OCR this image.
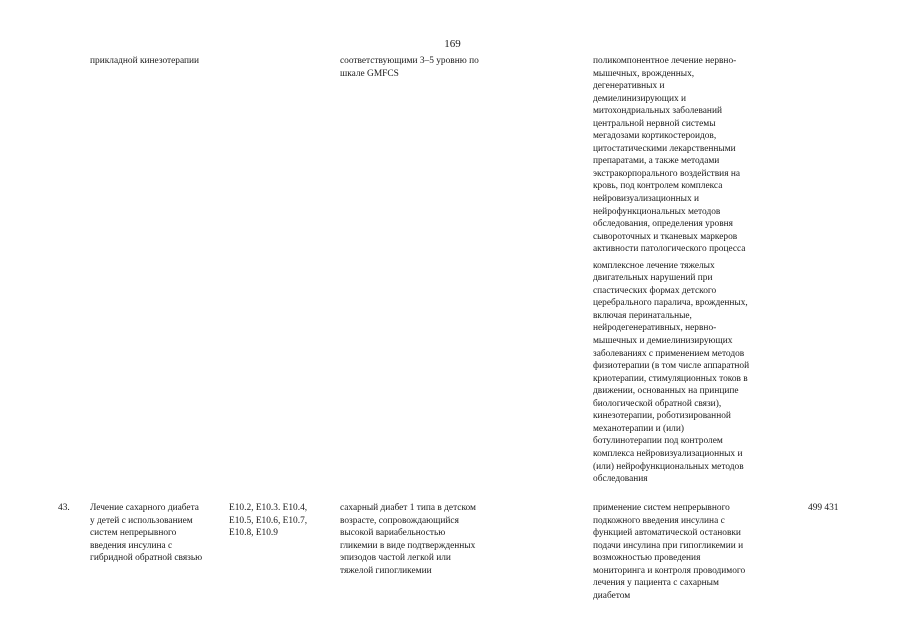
169

прикладной кинезотерапии	соответствующими 3–5 уровню по

шкале GMFCS

поликомпонентное лечение нервно-

мышечных, врожденных,

дегенеративных и

демиелинизирующих и

митохондриальных заболеваний

центральной нервной системы

мегадозами кортикостероидов,

цитостатическими лекарственными

препаратами, а также методами

экстракорпорального воздействия на

кровь, под контролем комплекса

нейровизуализационных и

нейрофункциональных методов

обследования, определения уровня

сывороточных и тканевых маркеров

активности патологического процесса

комплексное лечение тяжелых

двигательных нарушений при

спастических формах детского

церебрального паралича, врожденных,

включая перинатальные,

нейродегенеративных, нервно-

мышечных и демиелинизирующих

заболеваниях с применением методов

физиотерапии (в том числе аппаратной

криотерапии, стимуляционных токов в

движении, основанных на принципе

биологической обратной связи),

кинезотерапии, роботизированной

механотерапии и (или)

ботулинотерапии под контролем

комплекса нейровизуализационных и

(или) нейрофункциональных методов

обследования

43.	Лечение сахарного диабета

у детей с использованием

систем непрерывного

введения инсулина с

гибридной обратной связью

E10.2, E10.3. E10.4,

E10.5, E10.6, E10.7,

E10.8, E10.9

сахарный диабет 1 типа в детском

возрасте, сопровождающийся

высокой вариабельностью

гликемии в виде подтвержденных

эпизодов частой легкой или

тяжелой гипогликемии

применение систем непрерывного

подкожного введения инсулина с

функцией автоматической остановки

подачи инсулина при гипогликемии и

возможностью проведения

мониторинга и контроля проводимого

лечения у пациента с сахарным

диабетом

499 431
